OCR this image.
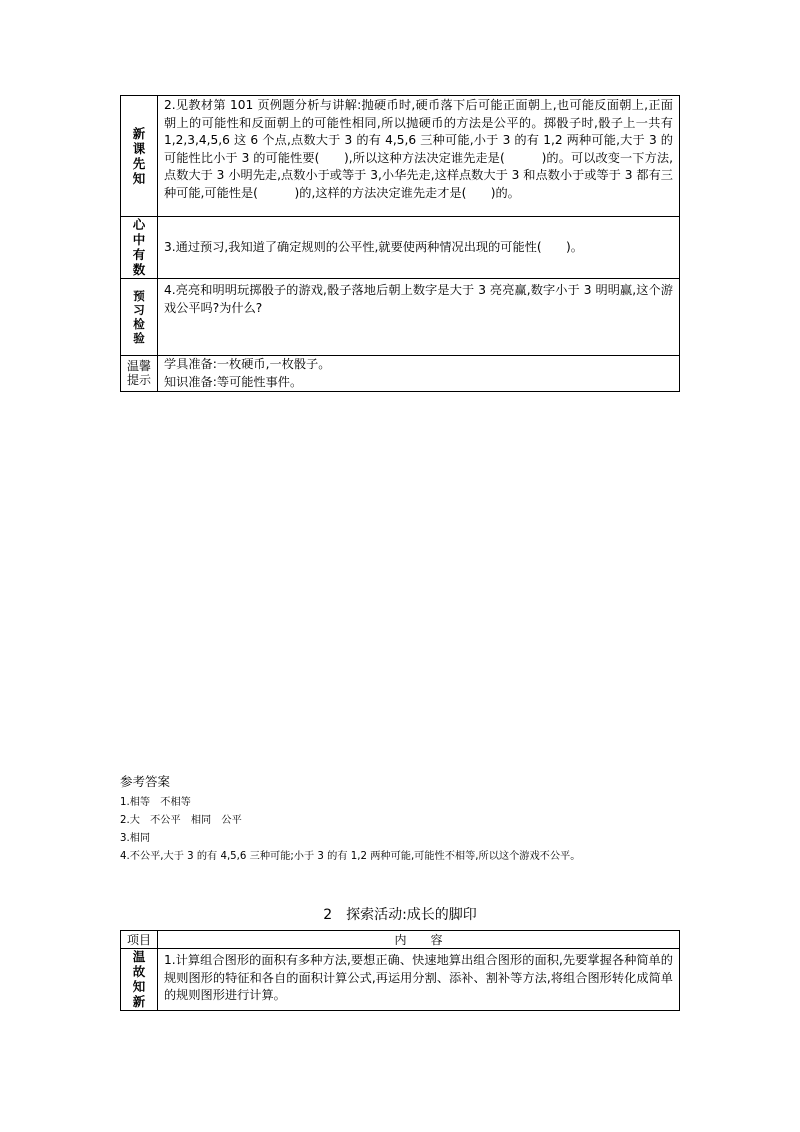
新课先知	2.见教材第 101 页例题分析与讲解:抛硬币时,硬币落下后可能正面朝上,也可能反面朝上,正面朝上的可能性和反面朝上的可能性相同,所以抛硬币的方法是公平的。掷骰子时,骰子上一共有 1,2,3,4,5,6 这 6 个点,点数大于 3 的有 4,5,6 三种可能,小于 3 的有 1,2 两种可能,大于 3 的可能性比小于 3 的可能性要(　　),所以这种方法决定谁先走是(　　　)的。可以改变一下方法,点数大于 3 小明先走,点数小于或等于 3,小华先走,这样点数大于 3 和点数小于或等于 3 都有三种可能,可能性是(　　　)的,这样的方法决定谁先走才是(　　)的。

心中有数	3.通过预习,我知道了确定规则的公平性,就要使两种情况出现的可能性(　　)。

预习检验	4.亮亮和明明玩掷骰子的游戏,骰子落地后朝上数字是大于 3 亮亮赢,数字小于 3 明明赢,这个游戏公平吗?为什么?

温馨提示	学具准备:一枚硬币,一枚骰子。
知识准备:等可能性事件。
参考答案
1.相等　不相等
2.大　不公平　相同　公平
3.相同
4.不公平,大于 3 的有 4,5,6 三种可能;小于 3 的有 1,2 两种可能,可能性不相等,所以这个游戏不公平。
2　探索活动:成长的脚印
项目	内　　容
温故知新	1.计算组合图形的面积有多种方法,要想正确、快速地算出组合图形的面积,先要掌握各种简单的规则图形的特征和各自的面积计算公式,再运用分割、添补、割补等方法,将组合图形转化成简单的规则图形进行计算。
